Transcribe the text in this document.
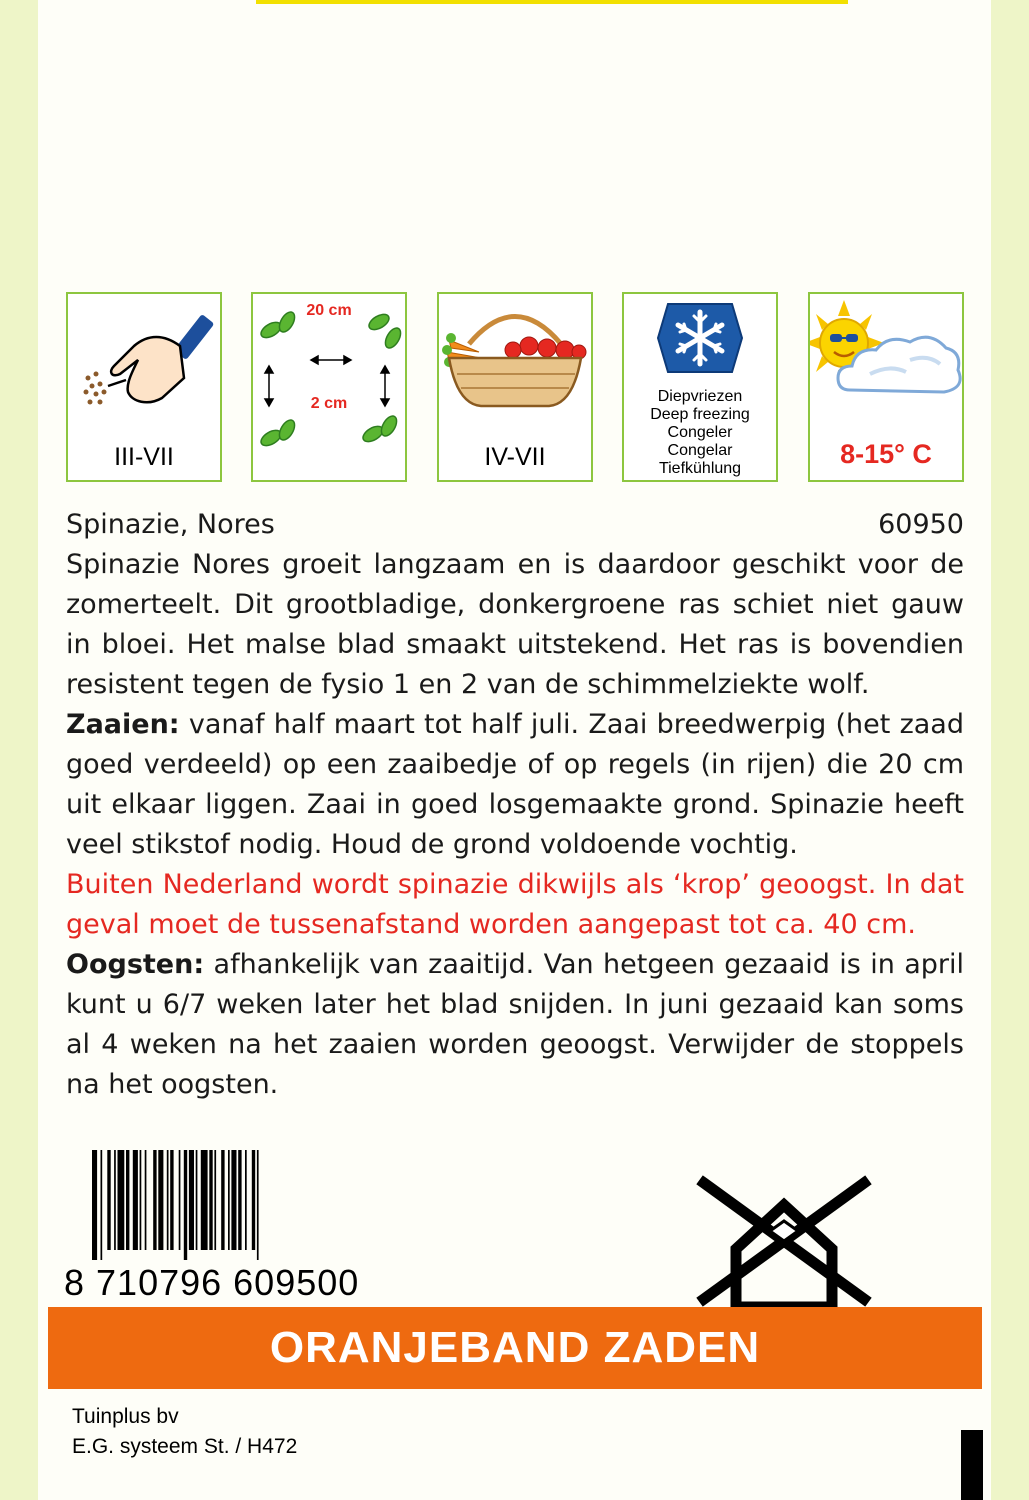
III-VII
20 cm
2 cm
IV-VII
Diepvriezen
Deep freezing
Congeler
Congelar
Tiefkühlung	8-15° C
Spinazie, Nores	60950

Spinazie Nores groeit langzaam en is daardoor geschikt voor de zomerteelt. Dit grootbladige, donkergroene ras schiet niet gauw in bloei. Het malse blad smaakt uitstekend. Het ras is bovendien resistent tegen de fysio 1 en 2 van de schimmelziekte wolf.

Zaaien: vanaf half maart tot half juli. Zaai breedwerpig (het zaad goed verdeeld) op een zaaibedje of op regels (in rijen) die 20 cm uit elkaar liggen. Zaai in goed losgemaakte grond. Spinazie heeft veel stikstof nodig. Houd de grond voldoende vochtig.

Buiten Nederland wordt spinazie dikwijls als ‘krop’ geoogst. In dat geval moet de tussenafstand worden aangepast tot ca. 40 cm.

Oogsten: afhankelijk van zaaitijd. Van hetgeen gezaaid is in april kunt u 6/7 weken later het blad snijden. In juni gezaaid kan soms al 4 weken na het zaaien worden geoogst. Verwijder de stoppels na het oogsten.

8 710796 609500
ORANJEBAND ZADEN
Tuinplus bv
E.G. systeem St. / H472
